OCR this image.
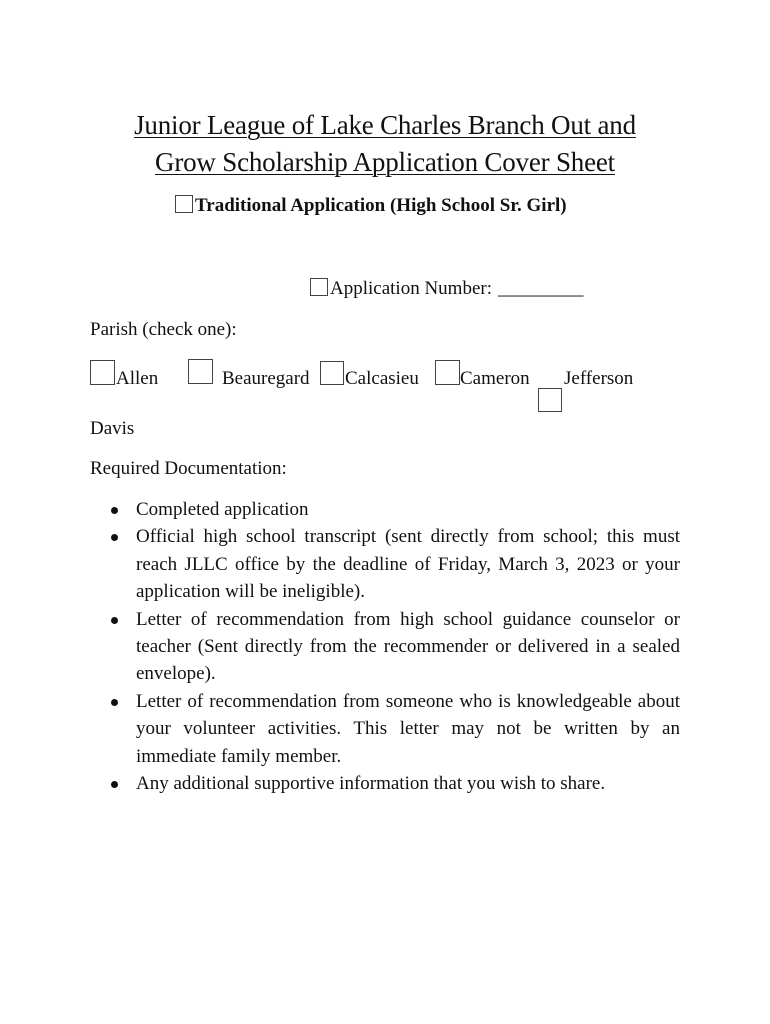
Junior League of Lake Charles Branch Out and
Grow Scholarship Application Cover Sheet
Traditional Application (High School Sr. Girl)
Application Number: _________
Parish (check one):
Allen	Beauregard Calcasieu Cameron Jefferson
Davis
Required Documentation:
Completed application
Official high school transcript (sent directly from school; this must reach JLLC office by the deadline of Friday, March 3, 2023 or your application will be ineligible).
Letter of recommendation from high school guidance counselor or teacher (Sent directly from the recommender or delivered in a sealed envelope).
Letter of recommendation from someone who is knowledgeable about your volunteer activities. This letter may not be written by an immediate family member.
Any additional supportive information that you wish to share.
